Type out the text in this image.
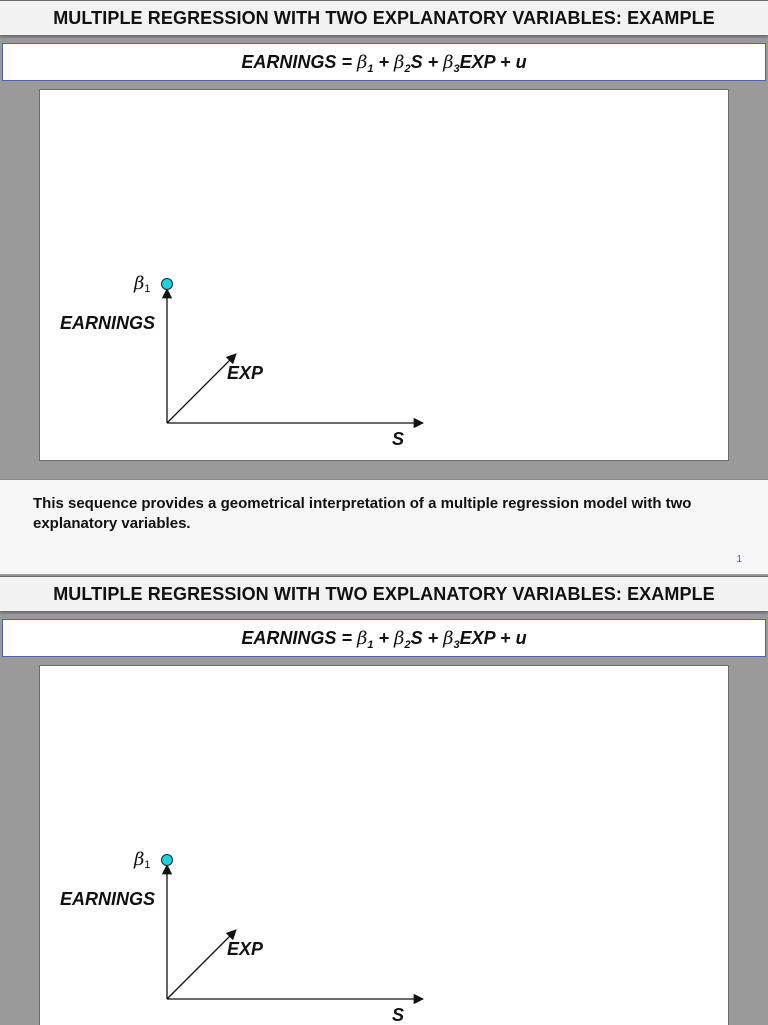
MULTIPLE REGRESSION WITH TWO EXPLANATORY VARIABLES: EXAMPLE
EARNINGS = $\beta_1 + \beta_2S + \beta_3EXP + u$
$\beta_1$
EARNINGS
EXP
S
This sequence provides a geometrical interpretation of a multiple regression model with two explanatory variables.
1
MULTIPLE REGRESSION WITH TWO EXPLANATORY VARIABLES: EXAMPLE
EARNINGS = $\beta_1 + \beta_2S + \beta_3EXP + u$
$\beta_1$
EARNINGS
EXP
S
